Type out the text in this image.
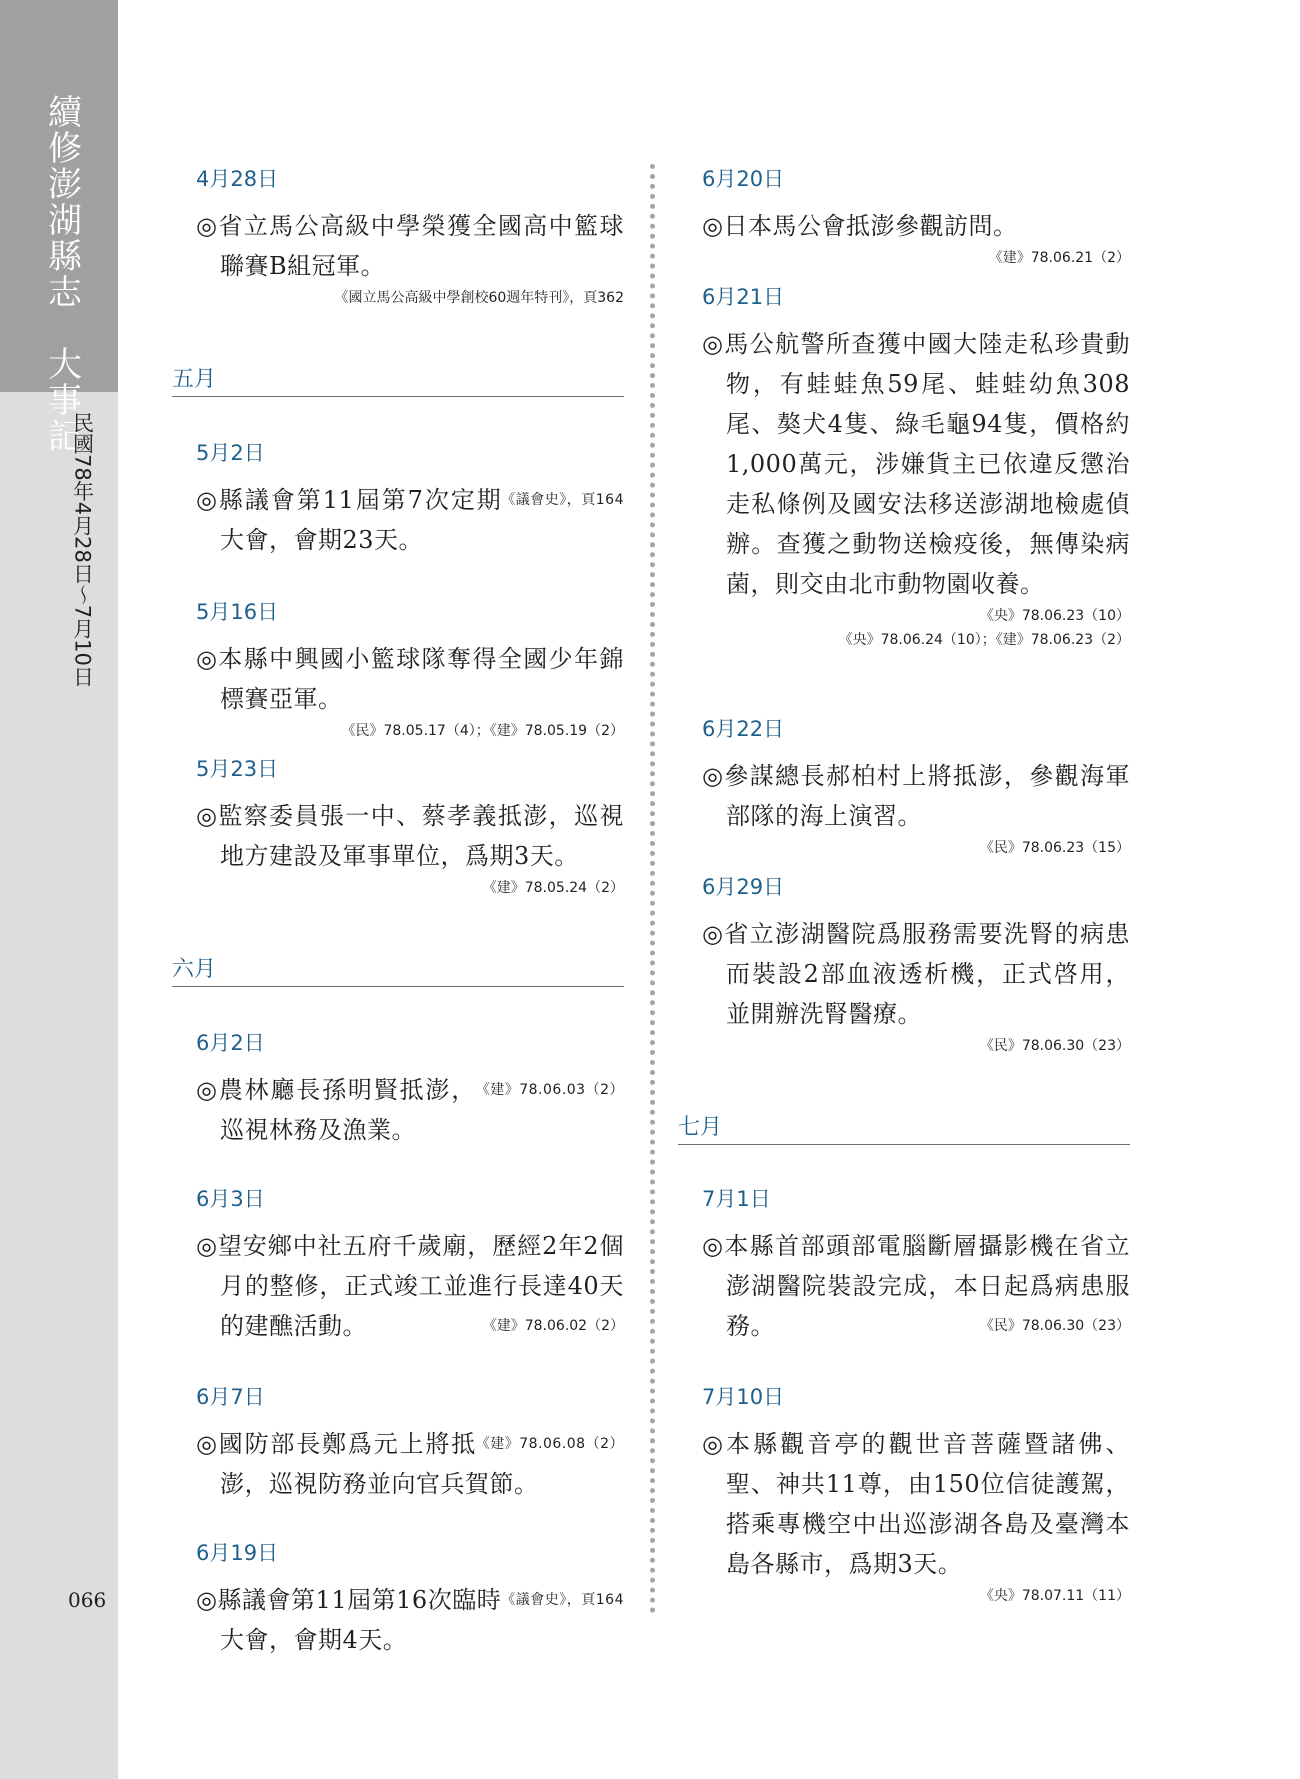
續修澎湖縣志　大事記
民國78年4月28日～7月10日
066
4月28日
◎省立馬公高級中學榮獲全國高中籃球聯賽B組冠軍。
《國立馬公高級中學創校60週年特刊》，頁362
五月
5月2日
《議會史》，頁164
◎縣議會第11屆第7次定期大會，會期23天。
5月16日
◎本縣中興國小籃球隊奪得全國少年錦標賽亞軍。
《民》78.05.17（4）；《建》78.05.19（2）
5月23日
◎監察委員張一中、蔡孝義抵澎，巡視地方建設及軍事單位，爲期3天。
《建》78.05.24（2）
六月
6月2日
《建》78.06.03（2）
◎農林廳長孫明賢抵澎，巡視林務及漁業。
6月3日
◎望安鄉中社五府千歲廟，歷經2年2個月的整修，正式竣工並進行長達40天的建醮活動。	《建》78.06.02（2）
6月7日
《建》78.06.08（2）
◎國防部長鄭爲元上將抵澎，巡視防務並向官兵賀節。
6月19日
《議會史》，頁164
◎縣議會第11屆第16次臨時大會，會期4天。
6月20日
◎日本馬公會抵澎參觀訪問。
《建》78.06.21（2）
6月21日
◎馬公航警所查獲中國大陸走私珍貴動物，有蛙蛙魚59尾、蛙蛙幼魚308尾、獒犬4隻、綠毛龜94隻，價格約1,000萬元，涉嫌貨主已依違反懲治走私條例及國安法移送澎湖地檢處偵辦。查獲之動物送檢疫後，無傳染病菌，則交由北市動物園收養。
《央》78.06.23（10）
《央》78.06.24（10）；《建》78.06.23（2）
6月22日
◎參謀總長郝柏村上將抵澎，參觀海軍部隊的海上演習。
《民》78.06.23（15）
6月29日
◎省立澎湖醫院爲服務需要洗腎的病患而裝設2部血液透析機，正式啓用，並開辦洗腎醫療。
《民》78.06.30（23）
七月
7月1日
◎本縣首部頭部電腦斷層攝影機在省立澎湖醫院裝設完成，本日起爲病患服務。	《民》78.06.30（23）
7月10日
◎本縣觀音亭的觀世音菩薩暨諸佛、聖、神共11尊，由150位信徒護駕，搭乘專機空中出巡澎湖各島及臺灣本島各縣市，爲期3天。
《央》78.07.11（11）
